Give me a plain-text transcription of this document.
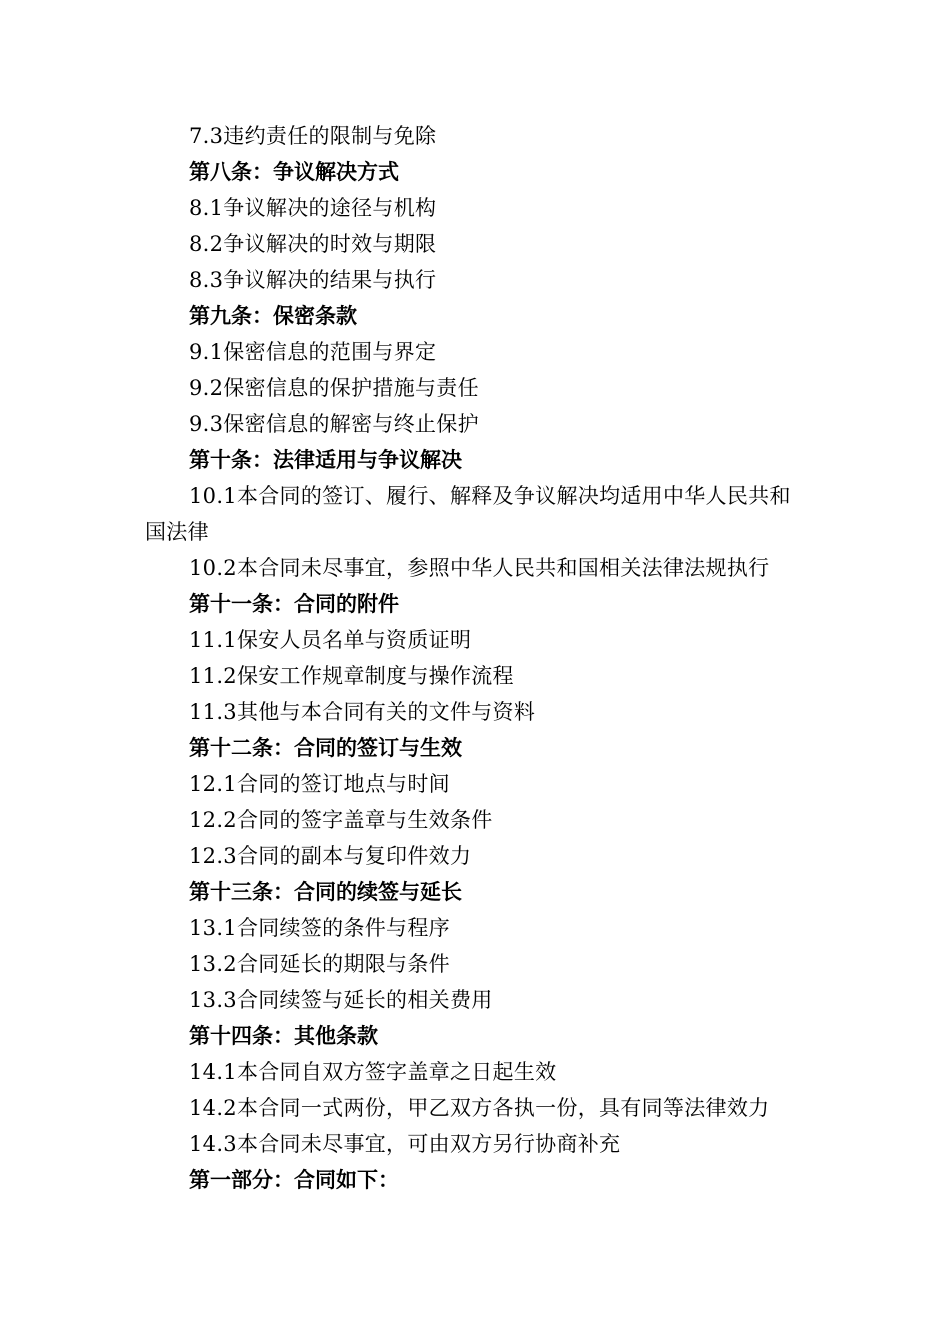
7.3违约责任的限制与免除
第八条：争议解决方式
8.1争议解决的途径与机构
8.2争议解决的时效与期限
8.3争议解决的结果与执行
第九条：保密条款
9.1保密信息的范围与界定
9.2保密信息的保护措施与责任
9.3保密信息的解密与终止保护
第十条：法律适用与争议解决
10.1本合同的签订、履行、解释及争议解决均适用中华人民共和国法律
10.2本合同未尽事宜，参照中华人民共和国相关法律法规执行
第十一条：合同的附件
11.1保安人员名单与资质证明
11.2保安工作规章制度与操作流程
11.3其他与本合同有关的文件与资料
第十二条：合同的签订与生效
12.1合同的签订地点与时间
12.2合同的签字盖章与生效条件
12.3合同的副本与复印件效力
第十三条：合同的续签与延长
13.1合同续签的条件与程序
13.2合同延长的期限与条件
13.3合同续签与延长的相关费用
第十四条：其他条款
14.1本合同自双方签字盖章之日起生效
14.2本合同一式两份，甲乙双方各执一份，具有同等法律效力
14.3本合同未尽事宜，可由双方另行协商补充
第一部分：合同如下：
